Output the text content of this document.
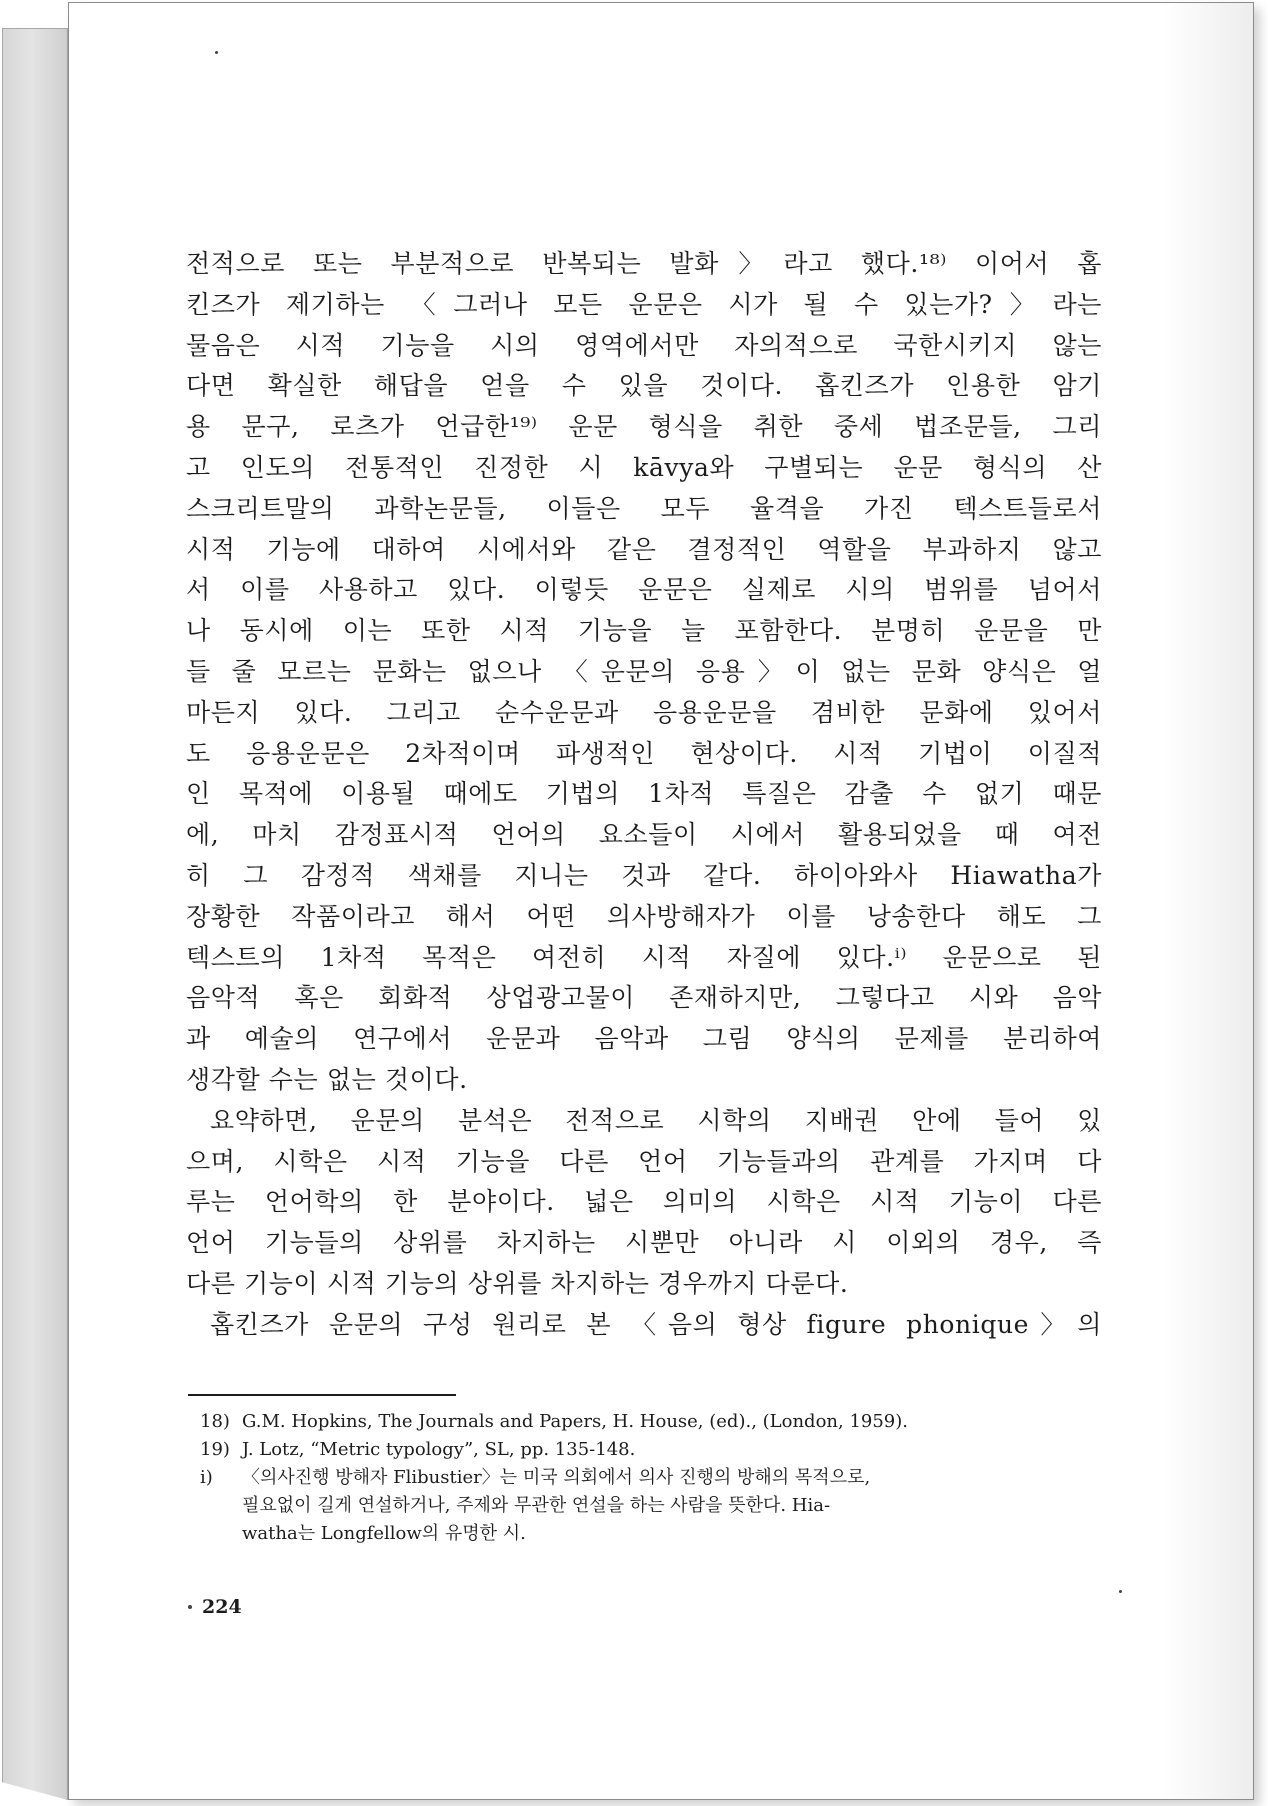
전적으로 또는 부분적으로 반복되는 발화〉라고 했다.¹⁸⁾ 이어서 홉
킨즈가 제기하는 〈그러나 모든 운문은 시가 될 수 있는가?〉라는
물음은 시적 기능을 시의 영역에서만 자의적으로 국한시키지 않는
다면 확실한 해답을 얻을 수 있을 것이다. 홉킨즈가 인용한 암기
용 문구, 로츠가 언급한¹⁹⁾ 운문 형식을 취한 중세 법조문들, 그리
고 인도의 전통적인 진정한 시 kāvya와 구별되는 운문 형식의 산
스크리트말의 과학논문들, 이들은 모두 율격을 가진 텍스트들로서
시적 기능에 대하여 시에서와 같은 결정적인 역할을 부과하지 않고
서 이를 사용하고 있다. 이렇듯 운문은 실제로 시의 범위를 넘어서
나 동시에 이는 또한 시적 기능을 늘 포함한다. 분명히 운문을 만
들 줄 모르는 문화는 없으나 〈운문의 응용〉이 없는 문화 양식은 얼
마든지 있다. 그리고 순수운문과 응용운문을 겸비한 문화에 있어서
도 응용운문은 2차적이며 파생적인 현상이다. 시적 기법이 이질적
인 목적에 이용될 때에도 기법의 1차적 특질은 감출 수 없기 때문
에, 마치 감정표시적 언어의 요소들이 시에서 활용되었을 때 여전
히 그 감정적 색채를 지니는 것과 같다. 하이아와사 Hiawatha가
장황한 작품이라고 해서 어떤 의사방해자가 이를 낭송한다 해도 그
텍스트의 1차적 목적은 여전히 시적 자질에 있다.ⁱ⁾ 운문으로 된
음악적 혹은 회화적 상업광고물이 존재하지만, 그렇다고 시와 음악
과 예술의 연구에서 운문과 음악과 그림 양식의 문제를 분리하여
생각할 수는 없는 것이다.
요약하면, 운문의 분석은 전적으로 시학의 지배권 안에 들어 있
으며, 시학은 시적 기능을 다른 언어 기능들과의 관계를 가지며 다
루는 언어학의 한 분야이다. 넓은 의미의 시학은 시적 기능이 다른
언어 기능들의 상위를 차지하는 시뿐만 아니라 시 이외의 경우, 즉
다른 기능이 시적 기능의 상위를 차지하는 경우까지 다룬다.
홉킨즈가 운문의 구성 원리로 본 〈음의 형상 figure phonique〉의
18) G.M. Hopkins, The Journals and Papers, H. House, (ed)., (London, 1959).
19) J. Lotz, “Metric typology”, SL, pp. 135-148.
i)	〈의사진행 방해자 Flibustier〉는 미국 의회에서 의사 진행의 방해의 목적으로,
필요없이 길게 연설하거나, 주제와 무관한 연설을 하는 사람을 뜻한다. Hia-
watha는 Longfellow의 유명한 시.
224
